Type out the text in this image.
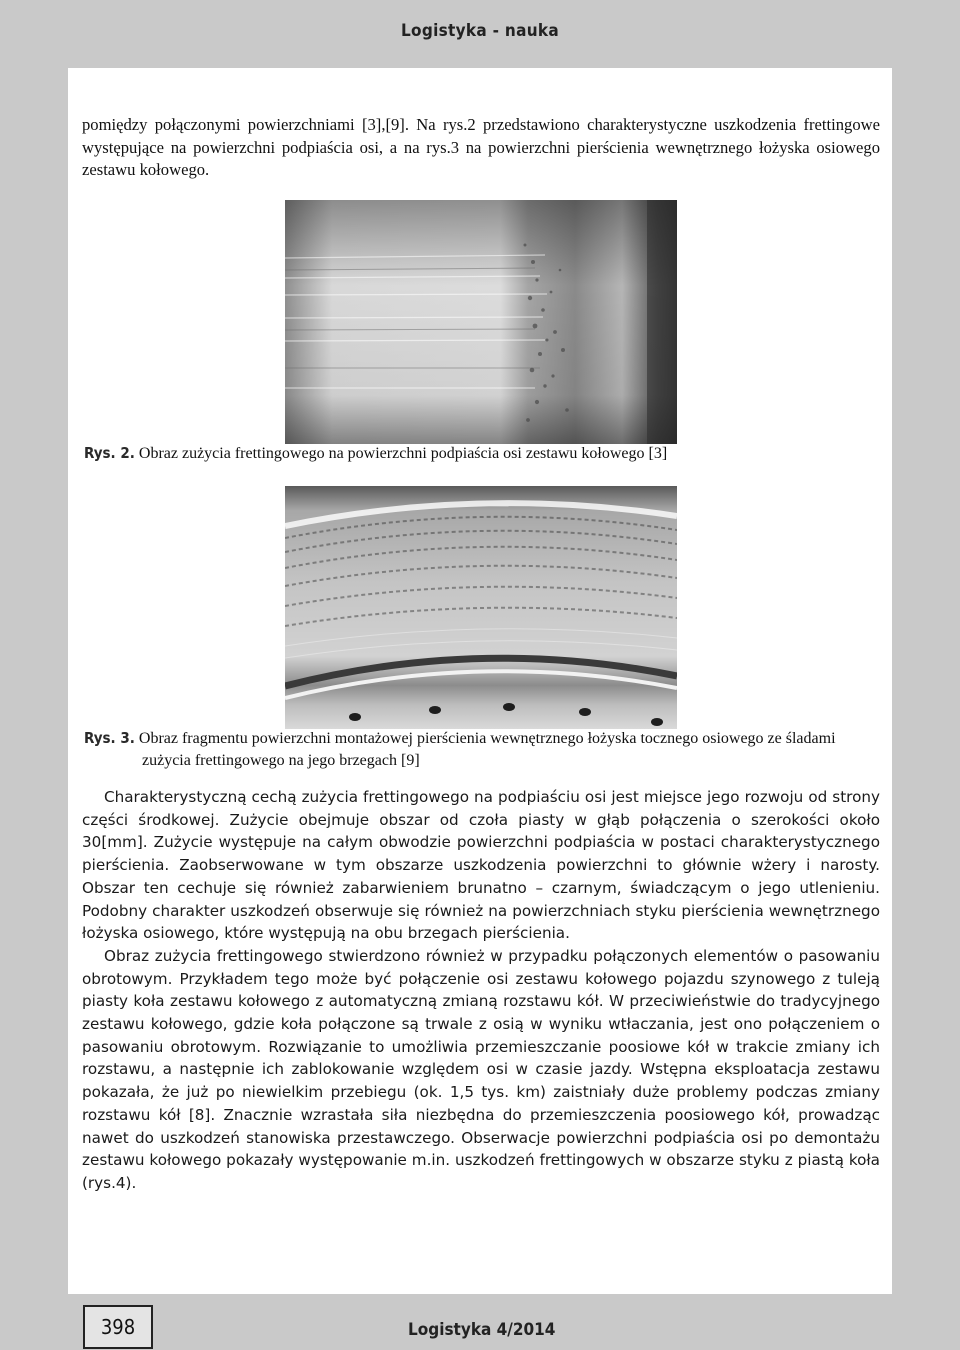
Logistyka - nauka

pomiędzy połączonymi powierzchniami [3],[9]. Na rys.2 przedstawiono charakterystyczne uszkodzenia frettingowe występujące na powierzchni podpiaścia osi, a na rys.3 na powierzchni pierścienia wewnętrznego łożyska osiowego zestawu kołowego.

Rys. 2. Obraz zużycia frettingowego na powierzchni podpiaścia osi zestawu kołowego [3]
Rys. 3. Obraz fragmentu powierzchni montażowej pierścienia wewnętrznego łożyska tocznego osiowego ze śladami zużycia frettingowego na jego brzegach [9]

Charakterystyczną cechą zużycia frettingowego na podpiaściu osi jest miejsce jego rozwoju od strony części środkowej. Zużycie obejmuje obszar od czoła piasty w głąb połączenia o szerokości około 30[mm]. Zużycie występuje na całym obwodzie powierzchni podpiaścia w postaci charakterystycznego pierścienia. Zaobserwowane w tym obszarze uszkodzenia powierzchni to głównie wżery i narosty. Obszar ten cechuje się również zabarwieniem brunatno – czarnym, świadczącym o jego utlenieniu. Podobny charakter uszkodzeń obserwuje się również na powierzchniach styku pierścienia wewnętrznego łożyska osiowego, które występują na obu brzegach pierścienia.

Obraz zużycia frettingowego stwierdzono również w przypadku połączonych elementów o pasowaniu obrotowym. Przykładem tego może być połączenie osi zestawu kołowego pojazdu szynowego z tuleją piasty koła zestawu kołowego z automatyczną zmianą rozstawu kół. W przeciwieństwie do tradycyjnego zestawu kołowego, gdzie koła połączone są trwale z osią w wyniku wtłaczania, jest ono połączeniem o pasowaniu obrotowym. Rozwiązanie to umożliwia przemieszczanie poosiowe kół w trakcie zmiany ich rozstawu, a następnie ich zablokowanie względem osi w czasie jazdy. Wstępna eksploatacja zestawu pokazała, że już po niewielkim przebiegu (ok. 1,5 tys. km) zaistniały duże problemy podczas zmiany rozstawu kół [8]. Znacznie wzrastała siła niezbędna do przemieszczenia poosiowego kół, prowadząc nawet do uszkodzeń stanowiska przestawczego. Obserwacje powierzchni podpiaścia osi po demontażu zestawu kołowego pokazały występowanie m.in. uszkodzeń frettingowych w obszarze styku z piastą koła (rys.4).

398	Logistyka 4/2014
